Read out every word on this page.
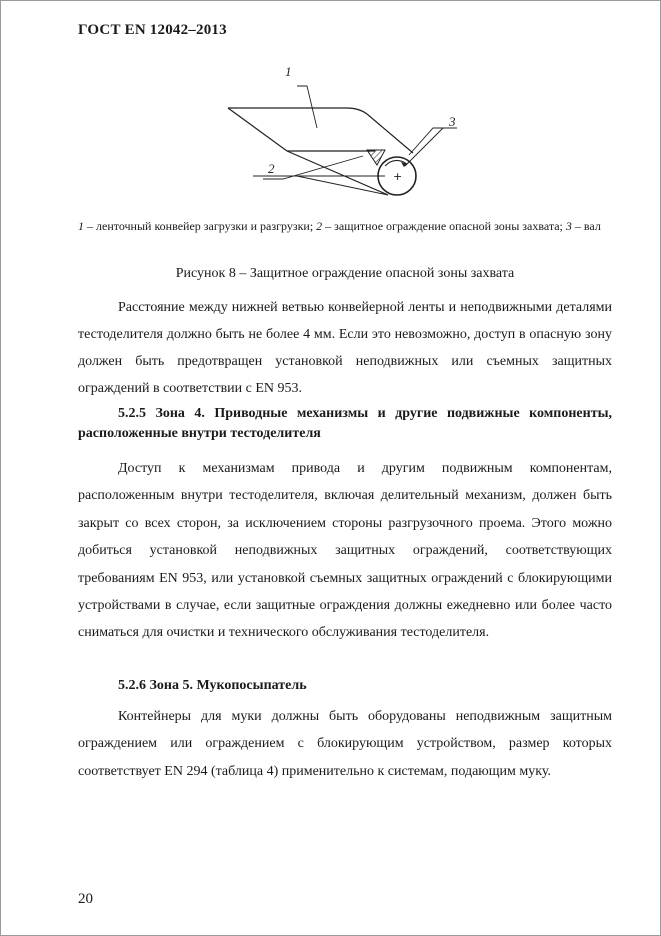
ГОСТ EN 12042–2013
+
1
2
3
1 – ленточный конвейер загрузки и разгрузки; 2 – защитное ограждение опасной зоны захвата; 3 – вал
Рисунок 8 – Защитное ограждение опасной зоны захвата
Расстояние между нижней ветвью конвейерной ленты и неподвижными деталями тестоделителя должно быть не более 4 мм. Если это невозможно, доступ в опасную зону должен быть предотвращен установкой неподвижных или съемных защитных ограждений в соответствии с EN 953.
5.2.5 Зона 4. Приводные механизмы и другие подвижные компоненты, расположенные внутри тестоделителя
Доступ к механизмам привода и другим подвижным компонентам, расположенным внутри тестоделителя, включая делительный механизм, должен быть закрыт со всех сторон, за исключением стороны разгрузочного проема. Этого можно добиться установкой неподвижных защитных ограждений, соответствующих требованиям EN 953, или установкой съемных защитных ограждений с блокирующими устройствами в случае, если защитные ограждения должны ежедневно или более часто сниматься для очистки и технического обслуживания тестоделителя.
5.2.6 Зона 5. Мукопосыпатель
Контейнеры для муки должны быть оборудованы неподвижным защитным ограждением или ограждением с блокирующим устройством, размер которых соответствует EN 294 (таблица 4) применительно к системам, подающим муку.
20
